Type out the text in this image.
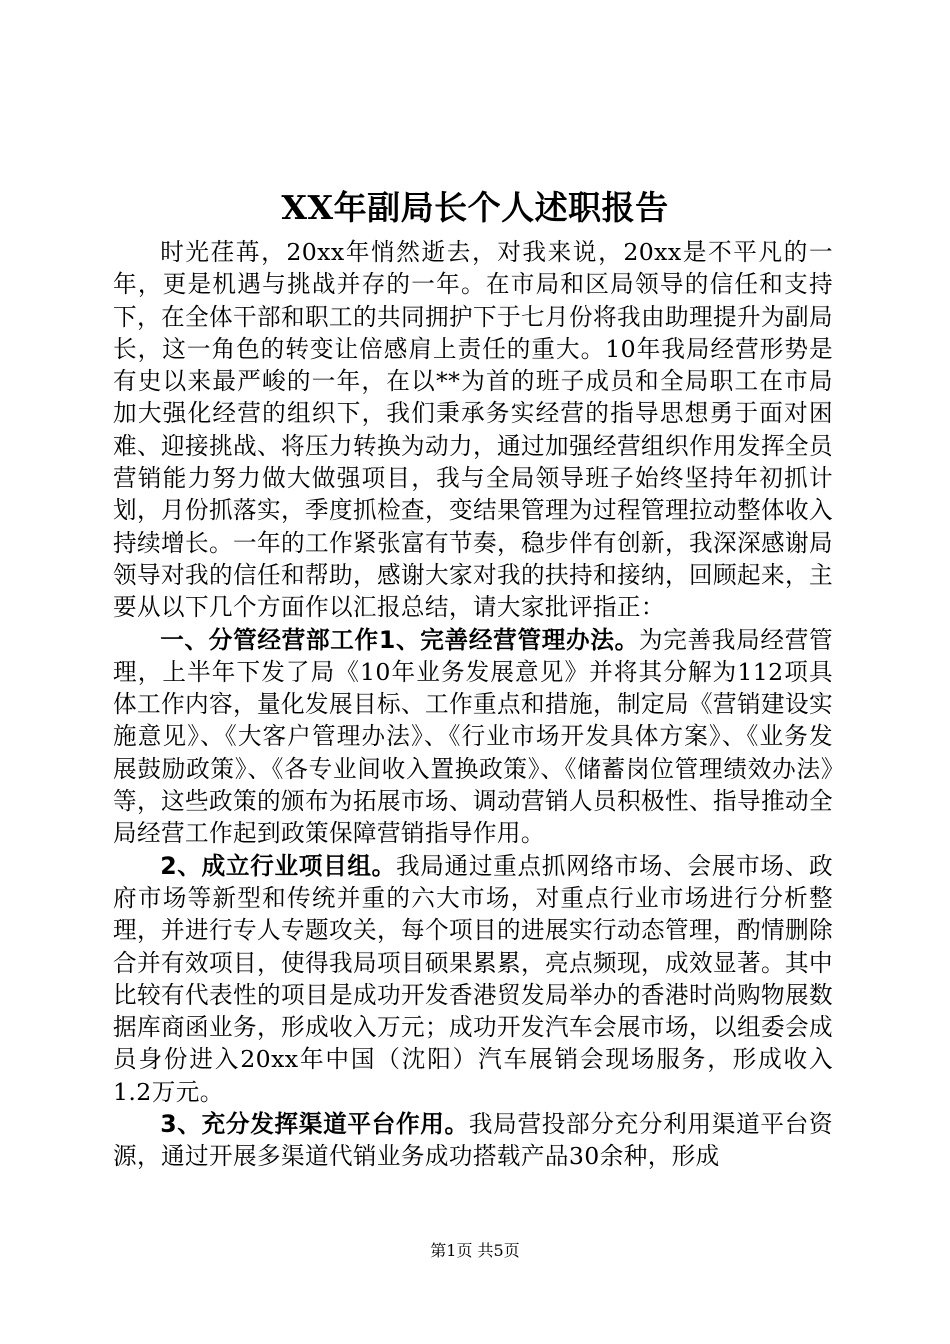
XX年副局长个人述职报告

时光荏苒，20xx年悄然逝去，对我来说，20xx是不平凡的一年，更是机遇与挑战并存的一年。在市局和区局领导的信任和支持下，在全体干部和职工的共同拥护下于七月份将我由助理提升为副局长，这一角色的转变让倍感肩上责任的重大。10年我局经营形势是有史以来最严峻的一年，在以**为首的班子成员和全局职工在市局加大强化经营的组织下，我们秉承务实经营的指导思想勇于面对困难、迎接挑战、将压力转换为动力，通过加强经营组织作用发挥全员营销能力努力做大做强项目，我与全局领导班子始终坚持年初抓计划，月份抓落实，季度抓检查，变结果管理为过程管理拉动整体收入持续增长。一年的工作紧张富有节奏，稳步伴有创新，我深深感谢局领导对我的信任和帮助，感谢大家对我的扶持和接纳，回顾起来，主要从以下几个方面作以汇报总结，请大家批评指正：

一、分管经营部工作1、完善经营管理办法。为完善我局经营管理，上半年下发了局《10年业务发展意见》并将其分解为112项具体工作内容，量化发展目标、工作重点和措施，制定局《营销建设实施意见》、《大客户管理办法》、《行业市场开发具体方案》、《业务发展鼓励政策》、《各专业间收入置换政策》、《储蓄岗位管理绩效办法》等，这些政策的颁布为拓展市场、调动营销人员积极性、指导推动全局经营工作起到政策保障营销指导作用。

2、成立行业项目组。我局通过重点抓网络市场、会展市场、政府市场等新型和传统并重的六大市场，对重点行业市场进行分析整理，并进行专人专题攻关，每个项目的进展实行动态管理，酌情删除合并有效项目，使得我局项目硕果累累，亮点频现，成效显著。其中比较有代表性的项目是成功开发香港贸发局举办的香港时尚购物展数据库商函业务，形成收入万元；成功开发汽车会展市场，以组委会成员身份进入20xx年中国（沈阳）汽车展销会现场服务，形成收入1.2万元。

3、充分发挥渠道平台作用。我局营投部分充分利用渠道平台资源，通过开展多渠道代销业务成功搭载产品30余种，形成

第1页 共5页
